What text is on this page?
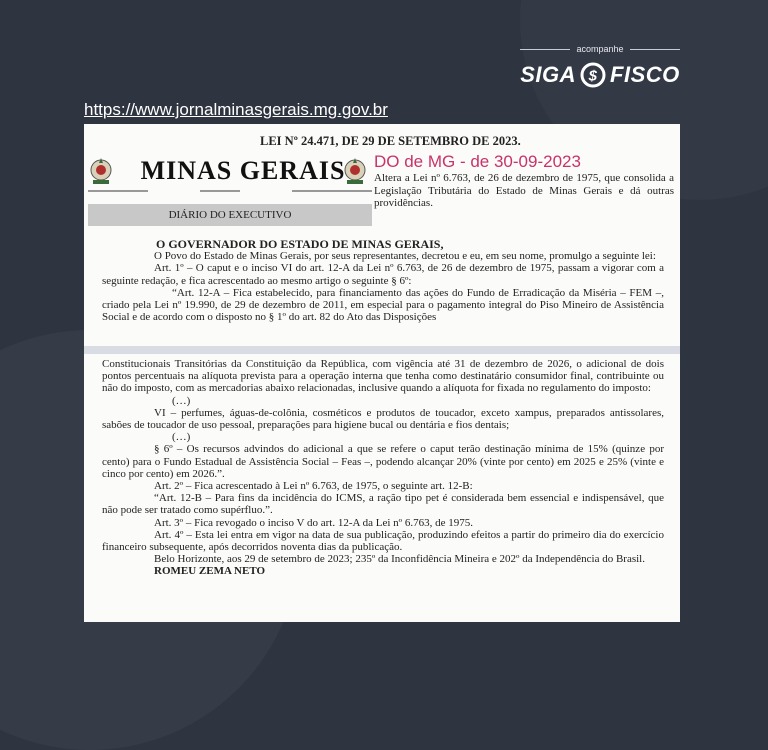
acompanhe
SIGA $ FISCO
https://www.jornalminasgerais.mg.gov.br
LEI Nº 24.471, DE 29 DE SETEMBRO DE 2023.
MINAS GERAIS	DO de MG - de 30-09-2023
Altera a Lei nº 6.763, de 26 de dezembro de 1975, que consolida a Legislação Tributária do Estado de Minas Gerais e dá outras providências.
DIÁRIO DO EXECUTIVO
O GOVERNADOR DO ESTADO DE MINAS GERAIS,
O Povo do Estado de Minas Gerais, por seus representantes, decretou e eu, em seu nome, promulgo a seguinte lei:
Art. 1º – O caput e o inciso VI do art. 12-A da Lei nº 6.763, de 26 de dezembro de 1975, passam a vigorar com a seguinte redação, e fica acrescentado ao mesmo artigo o seguinte § 6º:
“Art. 12-A – Fica estabelecido, para financiamento das ações do Fundo de Erradicação da Miséria – FEM –, criado pela Lei nº 19.990, de 29 de dezembro de 2011, em especial para o pagamento integral do Piso Mineiro de Assistência Social e de acordo com o disposto no § 1º do art. 82 do Ato das Disposições
Constitucionais Transitórias da Constituição da República, com vigência até 31 de dezembro de 2026, o adicional de dois pontos percentuais na alíquota prevista para a operação interna que tenha como destinatário consumidor final, contribuinte ou não do imposto, com as mercadorias abaixo relacionadas, inclusive quando a alíquota for fixada no regulamento do imposto:
(…)
VI – perfumes, águas-de-colônia, cosméticos e produtos de toucador, exceto xampus, preparados antissolares, sabões de toucador de uso pessoal, preparações para higiene bucal ou dentária e fios dentais;
(…)
§ 6º – Os recursos advindos do adicional a que se refere o caput terão destinação mínima de 15% (quinze por cento) para o Fundo Estadual de Assistência Social – Feas –, podendo alcançar 20% (vinte por cento) em 2025 e 25% (vinte e cinco por cento) em 2026.”.
Art. 2º – Fica acrescentado à Lei nº 6.763, de 1975, o seguinte art. 12-B:
“Art. 12-B – Para fins da incidência do ICMS, a ração tipo pet é considerada bem essencial e indispensável, que não pode ser tratado como supérfluo.”.
Art. 3º – Fica revogado o inciso V do art. 12-A da Lei nº 6.763, de 1975.
Art. 4º – Esta lei entra em vigor na data de sua publicação, produzindo efeitos a partir do primeiro dia do exercício financeiro subsequente, após decorridos noventa dias da publicação.
Belo Horizonte, aos 29 de setembro de 2023; 235º da Inconfidência Mineira e 202º da Independência do Brasil.
ROMEU ZEMA NETO
